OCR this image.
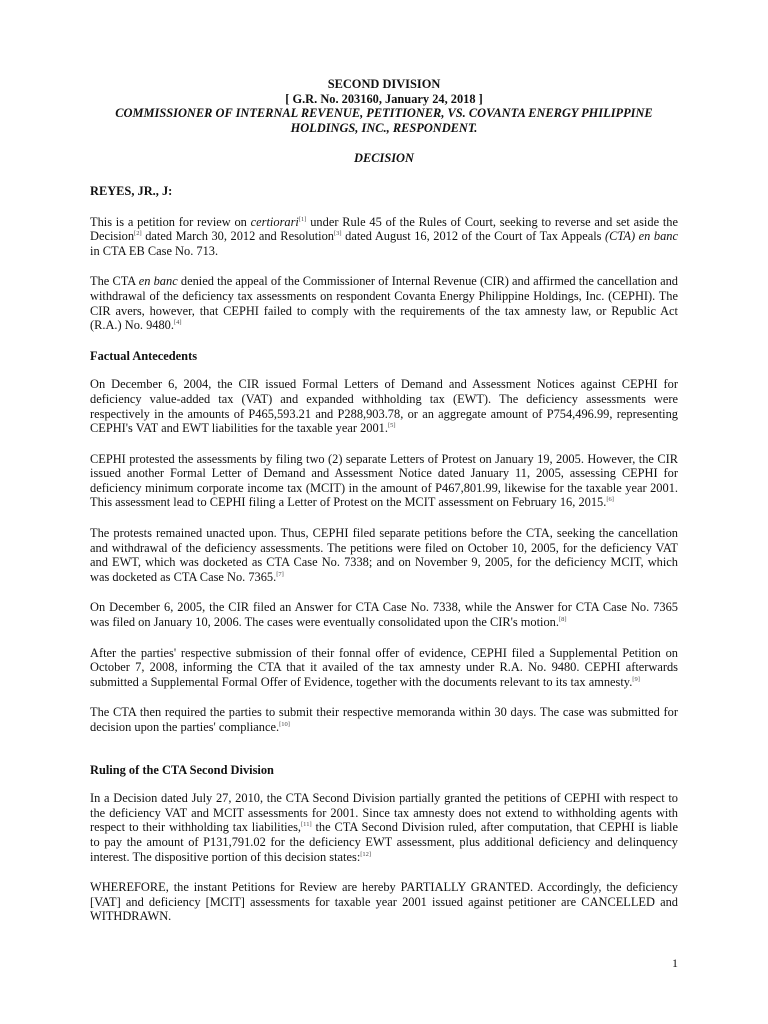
SECOND DIVISION
[ G.R. No. 203160, January 24, 2018 ]
COMMISSIONER OF INTERNAL REVENUE, PETITIONER, VS. COVANTA ENERGY PHILIPPINE HOLDINGS, INC., RESPONDENT.
DECISION
REYES, JR., J:

This is a petition for review on certiorari[1] under Rule 45 of the Rules of Court, seeking to reverse and set aside the Decision[2] dated March 30, 2012 and Resolution[3] dated August 16, 2012 of the Court of Tax Appeals (CTA) en banc in CTA EB Case No. 713.

The CTA en banc denied the appeal of the Commissioner of Internal Revenue (CIR) and affirmed the cancellation and withdrawal of the deficiency tax assessments on respondent Covanta Energy Philippine Holdings, Inc. (CEPHI). The CIR avers, however, that CEPHI failed to comply with the requirements of the tax amnesty law, or Republic Act (R.A.) No. 9480.[4]

Factual Antecedents

On December 6, 2004, the CIR issued Formal Letters of Demand and Assessment Notices against CEPHI for deficiency value-added tax (VAT) and expanded withholding tax (EWT). The deficiency assessments were respectively in the amounts of P465,593.21 and P288,903.78, or an aggregate amount of P754,496.99, representing CEPHI's VAT and EWT liabilities for the taxable year 2001.[5]

CEPHI protested the assessments by filing two (2) separate Letters of Protest on January 19, 2005. However, the CIR issued another Formal Letter of Demand and Assessment Notice dated January 11, 2005, assessing CEPHI for deficiency minimum corporate income tax (MCIT) in the amount of P467,801.99, likewise for the taxable year 2001. This assessment lead to CEPHI filing a Letter of Protest on the MCIT assessment on February 16, 2015.[6]

The protests remained unacted upon. Thus, CEPHI filed separate petitions before the CTA, seeking the cancellation and withdrawal of the deficiency assessments. The petitions were filed on October 10, 2005, for the deficiency VAT and EWT, which was docketed as CTA Case No. 7338; and on November 9, 2005, for the deficiency MCIT, which was docketed as CTA Case No. 7365.[7]

On December 6, 2005, the CIR filed an Answer for CTA Case No. 7338, while the Answer for CTA Case No. 7365 was filed on January 10, 2006. The cases were eventually consolidated upon the CIR's motion.[8]

After the parties' respective submission of their fonnal offer of evidence, CEPHI filed a Supplemental Petition on October 7, 2008, informing the CTA that it availed of the tax amnesty under R.A. No. 9480. CEPHI afterwards submitted a Supplemental Formal Offer of Evidence, together with the documents relevant to its tax amnesty.[9]

The CTA then required the parties to submit their respective memoranda within 30 days. The case was submitted for decision upon the parties' compliance.[10]

Ruling of the CTA Second Division

In a Decision dated July 27, 2010, the CTA Second Division partially granted the petitions of CEPHI with respect to the deficiency VAT and MCIT assessments for 2001. Since tax amnesty does not extend to withholding agents with respect to their withholding tax liabilities,[11] the CTA Second Division ruled, after computation, that CEPHI is liable to pay the amount of P131,791.02 for the deficiency EWT assessment, plus additional deficiency and delinquency interest. The dispositive portion of this decision states:[12]

WHEREFORE, the instant Petitions for Review are hereby PARTIALLY GRANTED. Accordingly, the deficiency [VAT] and deficiency [MCIT] assessments for taxable year 2001 issued against petitioner are CANCELLED and WITHDRAWN.

1
